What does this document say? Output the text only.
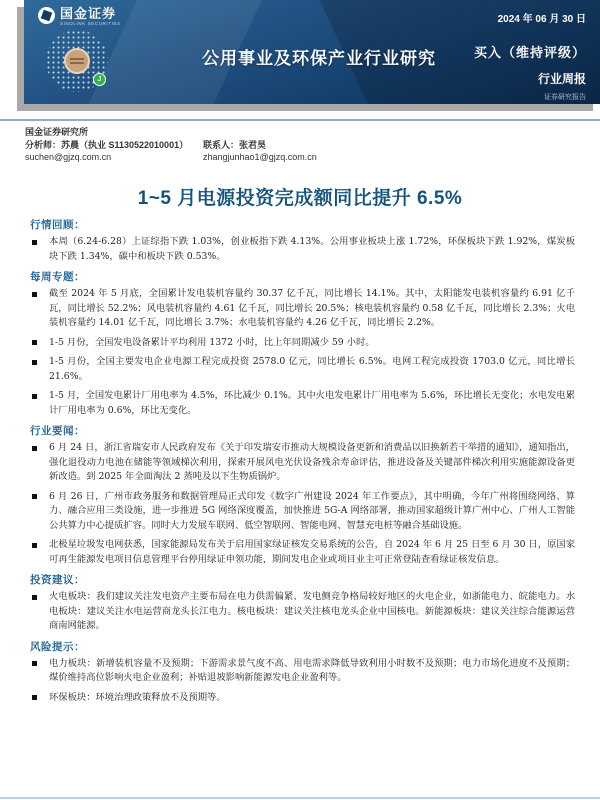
国金证券
SINOLINK SECURITIES	2024 年 06 月 30 日
J
公用事业及环保产业行业研究	买入（维持评级）
行业周报
证券研究报告
国金证券研究所
分析师：苏晨（执业 S1130522010001）	联系人：张君昊
suchen@gjzq.com.cn	zhangjunhao1@gjzq.com.cn
1~5 月电源投资完成额同比提升 6.5%
行情回顾：
本周（6.24-6.28）上证综指下跌 1.03%，创业板指下跌 4.13%。公用事业板块上涨 1.72%，环保板块下跌 1.92%，煤炭板块下跌 1.34%，碳中和板块下跌 0.53%。
每周专题：
截至 2024 年 5 月底，全国累计发电装机容量约 30.37 亿千瓦，同比增长 14.1%。其中，太阳能发电装机容量约 6.91 亿千瓦，同比增长 52.2%；风电装机容量约 4.61 亿千瓦，同比增长 20.5%；核电装机容量约 0.58 亿千瓦，同比增长 2.3%；火电装机容量约 14.01 亿千瓦，同比增长 3.7%；水电装机容量约 4.26 亿千瓦，同比增长 2.2%。
1-5 月份，全国发电设备累计平均利用 1372 小时，比上年同期减少 59 小时。
1-5 月份，全国主要发电企业电源工程完成投资 2578.0 亿元，同比增长 6.5%。电网工程完成投资 1703.0 亿元，同比增长 21.6%。
1-5 月，全国发电累计厂用电率为 4.5%，环比减少 0.1%。其中火电发电累计厂用电率为 5.6%，环比增长无变化；水电发电累计厂用电率为 0.6%，环比无变化。
行业要闻：
6 月 24 日，浙江省瑞安市人民政府发布《关于印发瑞安市推动大规模设备更新和消费品以旧换新若干举措的通知》，通知指出，强化退役动力电池在储能等领域梯次利用，探索开展风电光伏设备残余寿命评估，推进设备及关键部件梯次利用实施能源设备更新改造。到 2025 年全面淘汰 2 蒸吨及以下生物质锅炉。
6 月 26 日，广州市政务服务和数据管理局正式印发《数字广州建设 2024 年工作要点》，其中明确，今年广州将围绕网络、算力、融合应用三类设施，进一步推进 5G 网络深度覆盖，加快推进 5G-A 网络部署，推动国家超级计算广州中心、广州人工智能公共算力中心提质扩容。同时大力发展车联网、低空智联网、智能电网、智慧充电桩等融合基础设施。
北极星垃圾发电网获悉，国家能源局发布关于启用国家绿证核发交易系统的公告，自 2024 年 6 月 25 日至 6 月 30 日，原国家可再生能源发电项目信息管理平台停用绿证申领功能，期间发电企业或项目业主可正常登陆查看绿证核发信息。
投资建议：
火电板块：我们建议关注发电资产主要布局在电力供需偏紧、发电侧竞争格局较好地区的火电企业，如浙能电力、皖能电力。水电板块：建议关注水电运营商龙头长江电力。核电板块：建议关注核电龙头企业中国核电。新能源板块：建议关注综合能源运营商南网能源。
风险提示：
电力板块：新增装机容量不及预期；下游需求景气度不高、用电需求降低导致利用小时数不及预期；电力市场化进度不及预期；煤价维持高位影响火电企业盈利；补贴退坡影响新能源发电企业盈利等。
环保板块：环境治理政策释放不及预期等。
